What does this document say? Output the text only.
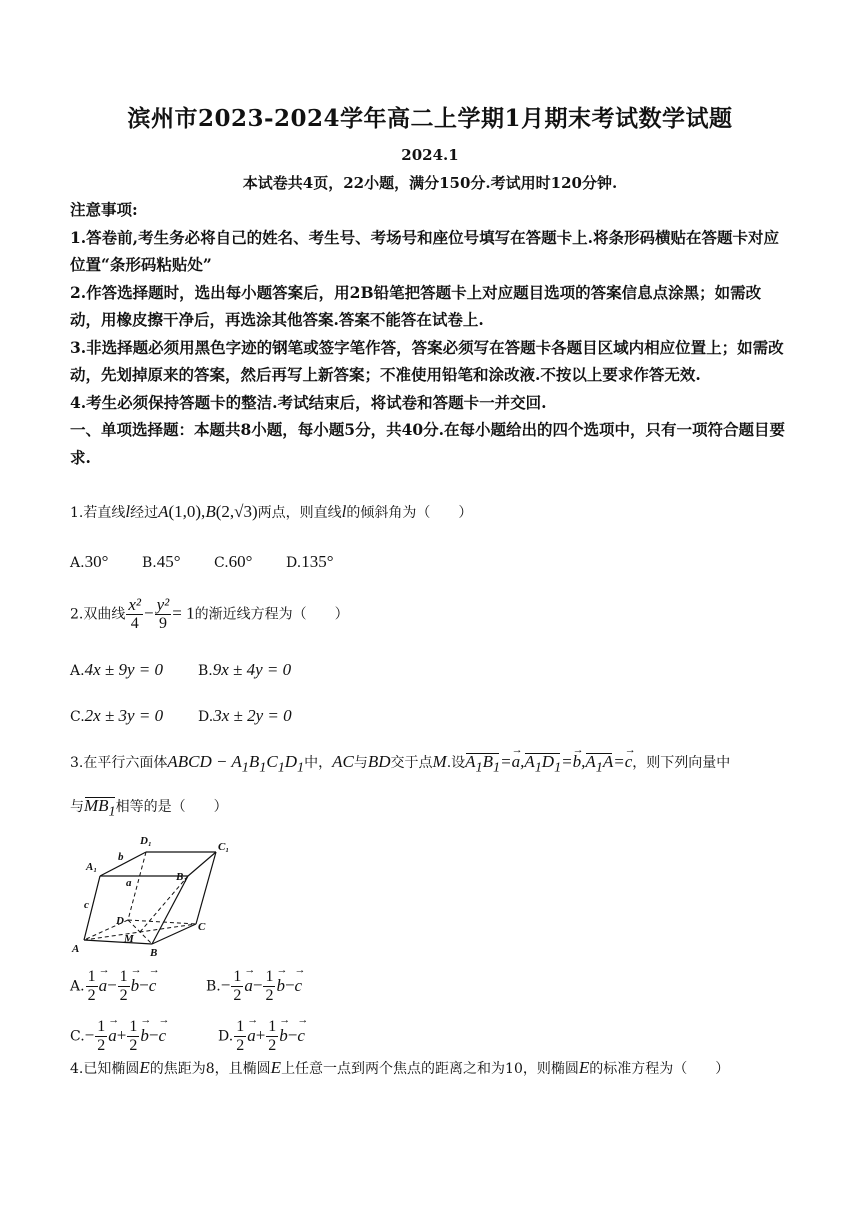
滨州市2023-2024学年高二上学期1月期末考试数学试题
2024.1
本试卷共4页，22小题，满分150分.考试用时120分钟.

注意事项:

1.答卷前,考生务必将自己的姓名、考生号、考场号和座位号填写在答题卡上.将条形码横贴在答题卡对应位置“条形码粘贴处”

2.作答选择题时，选出每小题答案后，用2B铅笔把答题卡上对应题目选项的答案信息点涂黑；如需改动，用橡皮擦干净后，再选涂其他答案.答案不能答在试卷上.

3.非选择题必须用黑色字迹的钢笔或签字笔作答，答案必须写在答题卡各题目区域内相应位置上；如需改动，先划掉原来的答案，然后再写上新答案；不准使用铅笔和涂改液.不按以上要求作答无效.

4.考生必须保持答题卡的整洁.考试结束后，将试卷和答题卡一并交回.

一、单项选择题：本题共8小题，每小题5分，共40分.在每小题给出的四个选项中，只有一项符合题目要求.

1.若直线l经过A(1,0),B(2,√3)两点，则直线l的倾斜角为（　　）
A.30° B.45° C.60° D.135°
2.双曲线 $\frac{\text{x²}}{4} - \frac{\text{y²}}{9} = 1$的渐近线方程为（　　）
A.4x ± 9y = 0	B.9x ± 4y = 0
C.2x ± 3y = 0 D.3x ± 2y = 0
3.在平行六面体ABCD − $A_1B_1C_1D_1$中，AC与BD交于点M.设$A_1B_1=\to a,A_1D_1=\to b,A_1A=\to c$，则下列向量中
与$MB_1$相等的是（　　）
D₁	C₁
A₁
B₁
b
a
c
D	C
M
A	B
A. $\frac{1}{2}$
→ $a- \frac{1}{2}$
→ b−→ c	$B.- \frac{1}{2}$
→ $a- \frac{1}{2}$
→ b−→ c
$C.- \frac{1}{2}$
→ $a+ \frac{1}{2}$
→ b−→ c	D. $\frac{1}{2}$
→ $a+ \frac{1}{2}$
→ b−→ c
4.已知椭圆E的焦距为8，且椭圆E上任意一点到两个焦点的距离之和为10，则椭圆E的标准方程为（　　）
